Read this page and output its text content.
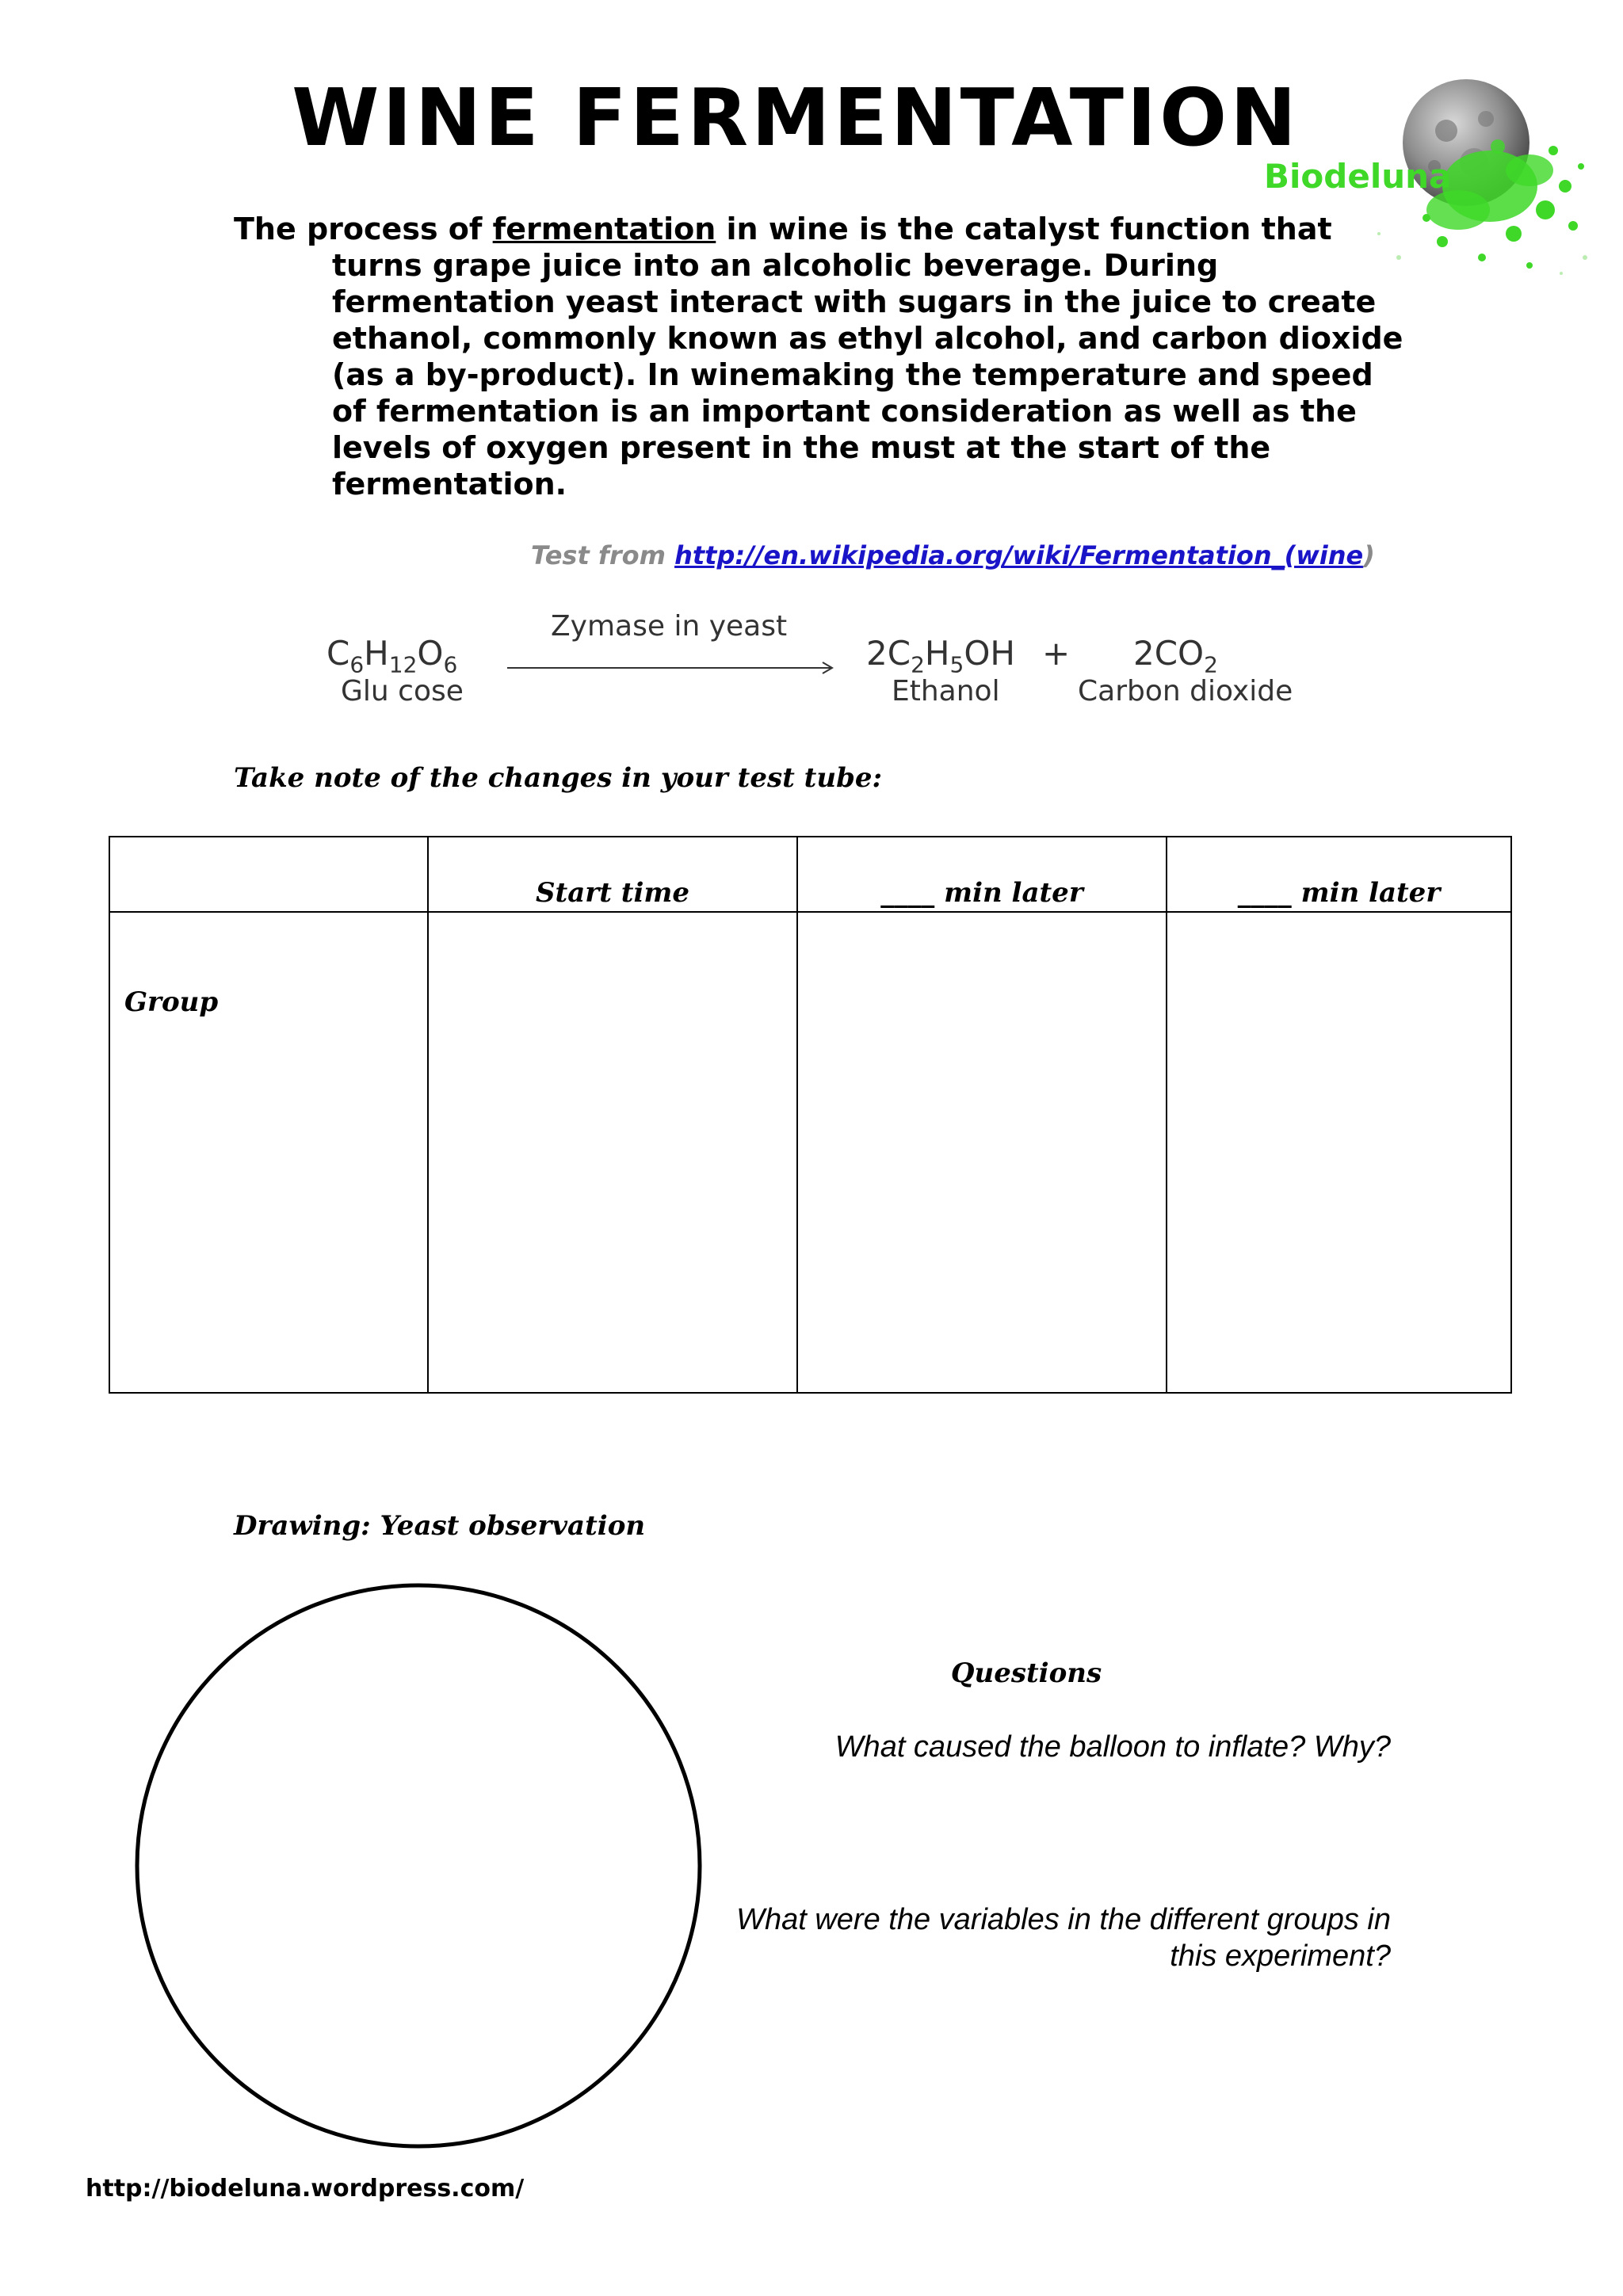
WINE FERMENTATION
Biodeluna

The process of fermentation in wine is the catalyst function that turns grape juice into an alcoholic beverage. During fermentation yeast interact with sugars in the juice to create ethanol, commonly known as ethyl alcohol, and carbon dioxide (as a by-product). In winemaking the temperature and speed of fermentation is an important consideration as well as the levels of oxygen present in the must at the start of the fermentation.

Test from http://en.wikipedia.org/wiki/Fermentation_(wine)
$C_6H_{12}O_6$
Glu cose
Zymase in yeast
$2C_2H_5OH$ +
Ethanol
$2CO_2$
Carbon dioxide
Take note of the changes in your test tube:
Start time	____ min later	____ min later
Group
Drawing: Yeast observation
Questions
What caused the balloon to inflate? Why?
What were the variables in the different groups in this experiment?
http://biodeluna.wordpress.com/
